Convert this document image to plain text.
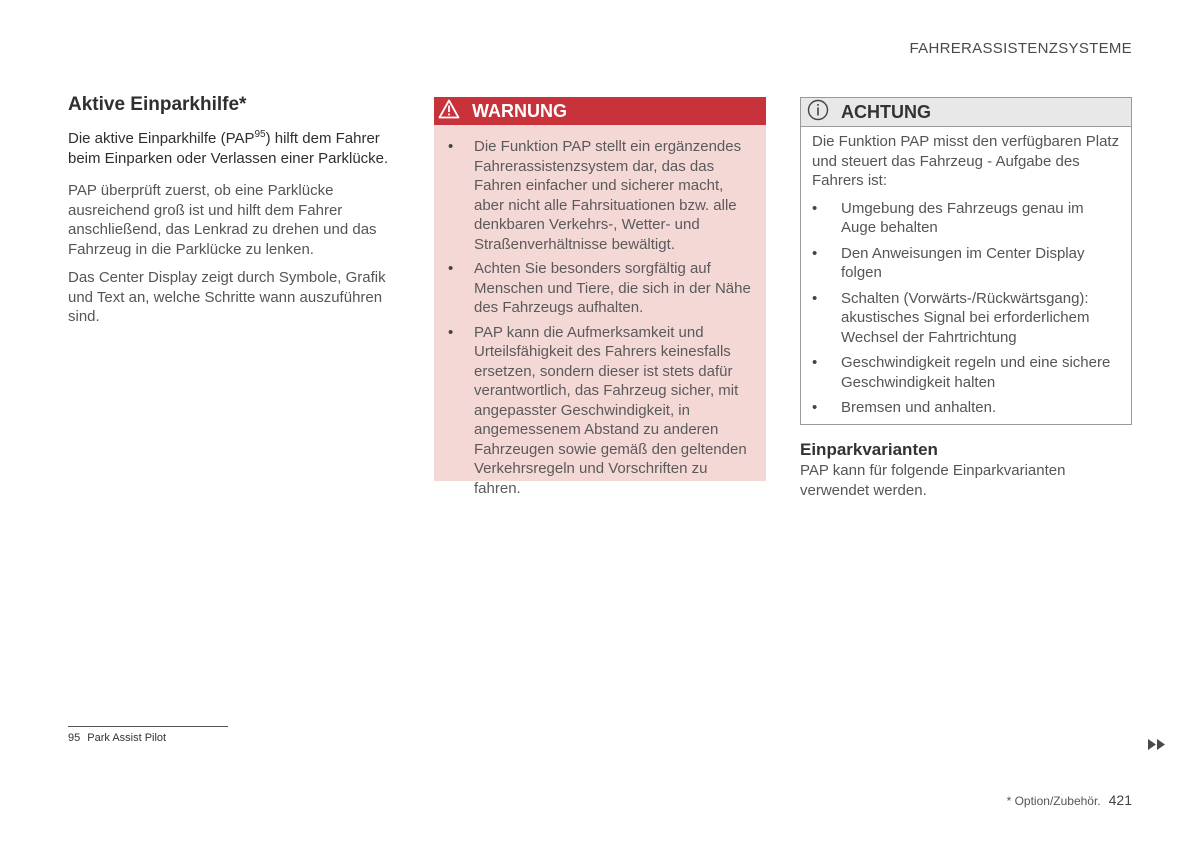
FAHRERASSISTENZSYSTEME
Aktive Einparkhilfe*

Die aktive Einparkhilfe (PAP$^{95}$) hilft dem Fahrer beim Einparken oder Verlassen einer Parklücke.

PAP überprüft zuerst, ob eine Parklücke ausreichend groß ist und hilft dem Fahrer anschließend, das Lenkrad zu drehen und das Fahrzeug in die Parklücke zu lenken.

Das Center Display zeigt durch Symbole, Grafik und Text an, welche Schritte wann auszuführen sind.

WARNUNG
• Die Funktion PAP stellt ein ergänzendes Fahrerassistenzsystem dar, das das Fahren einfacher und sicherer macht, aber nicht alle Fahrsituationen bzw. alle denkbaren Verkehrs-, Wetter- und Straßenverhältnisse bewältigt.
• Achten Sie besonders sorgfältig auf Menschen und Tiere, die sich in der Nähe des Fahrzeugs aufhalten.
• PAP kann die Aufmerksamkeit und Urteilsfähigkeit des Fahrers keinesfalls ersetzen, sondern dieser ist stets dafür verantwortlich, das Fahrzeug sicher, mit angepasster Geschwindigkeit, in angemessenem Abstand zu anderen Fahrzeugen sowie gemäß den geltenden Verkehrsregeln und Vorschriften zu fahren.
ACHTUNG

Die Funktion PAP misst den verfügbaren Platz und steuert das Fahrzeug - Aufgabe des Fahrers ist:

• Umgebung des Fahrzeugs genau im Auge behalten
• Den Anweisungen im Center Display folgen
• Schalten (Vorwärts-/Rückwärtsgang): akustisches Signal bei erforderlichem Wechsel der Fahrtrichtung
• Geschwindigkeit regeln und eine sichere Geschwindigkeit halten
• Bremsen und anhalten.
Einparkvarianten

PAP kann für folgende Einparkvarianten verwendet werden.

95 Park Assist Pilot
* Option/Zubehör. 421
